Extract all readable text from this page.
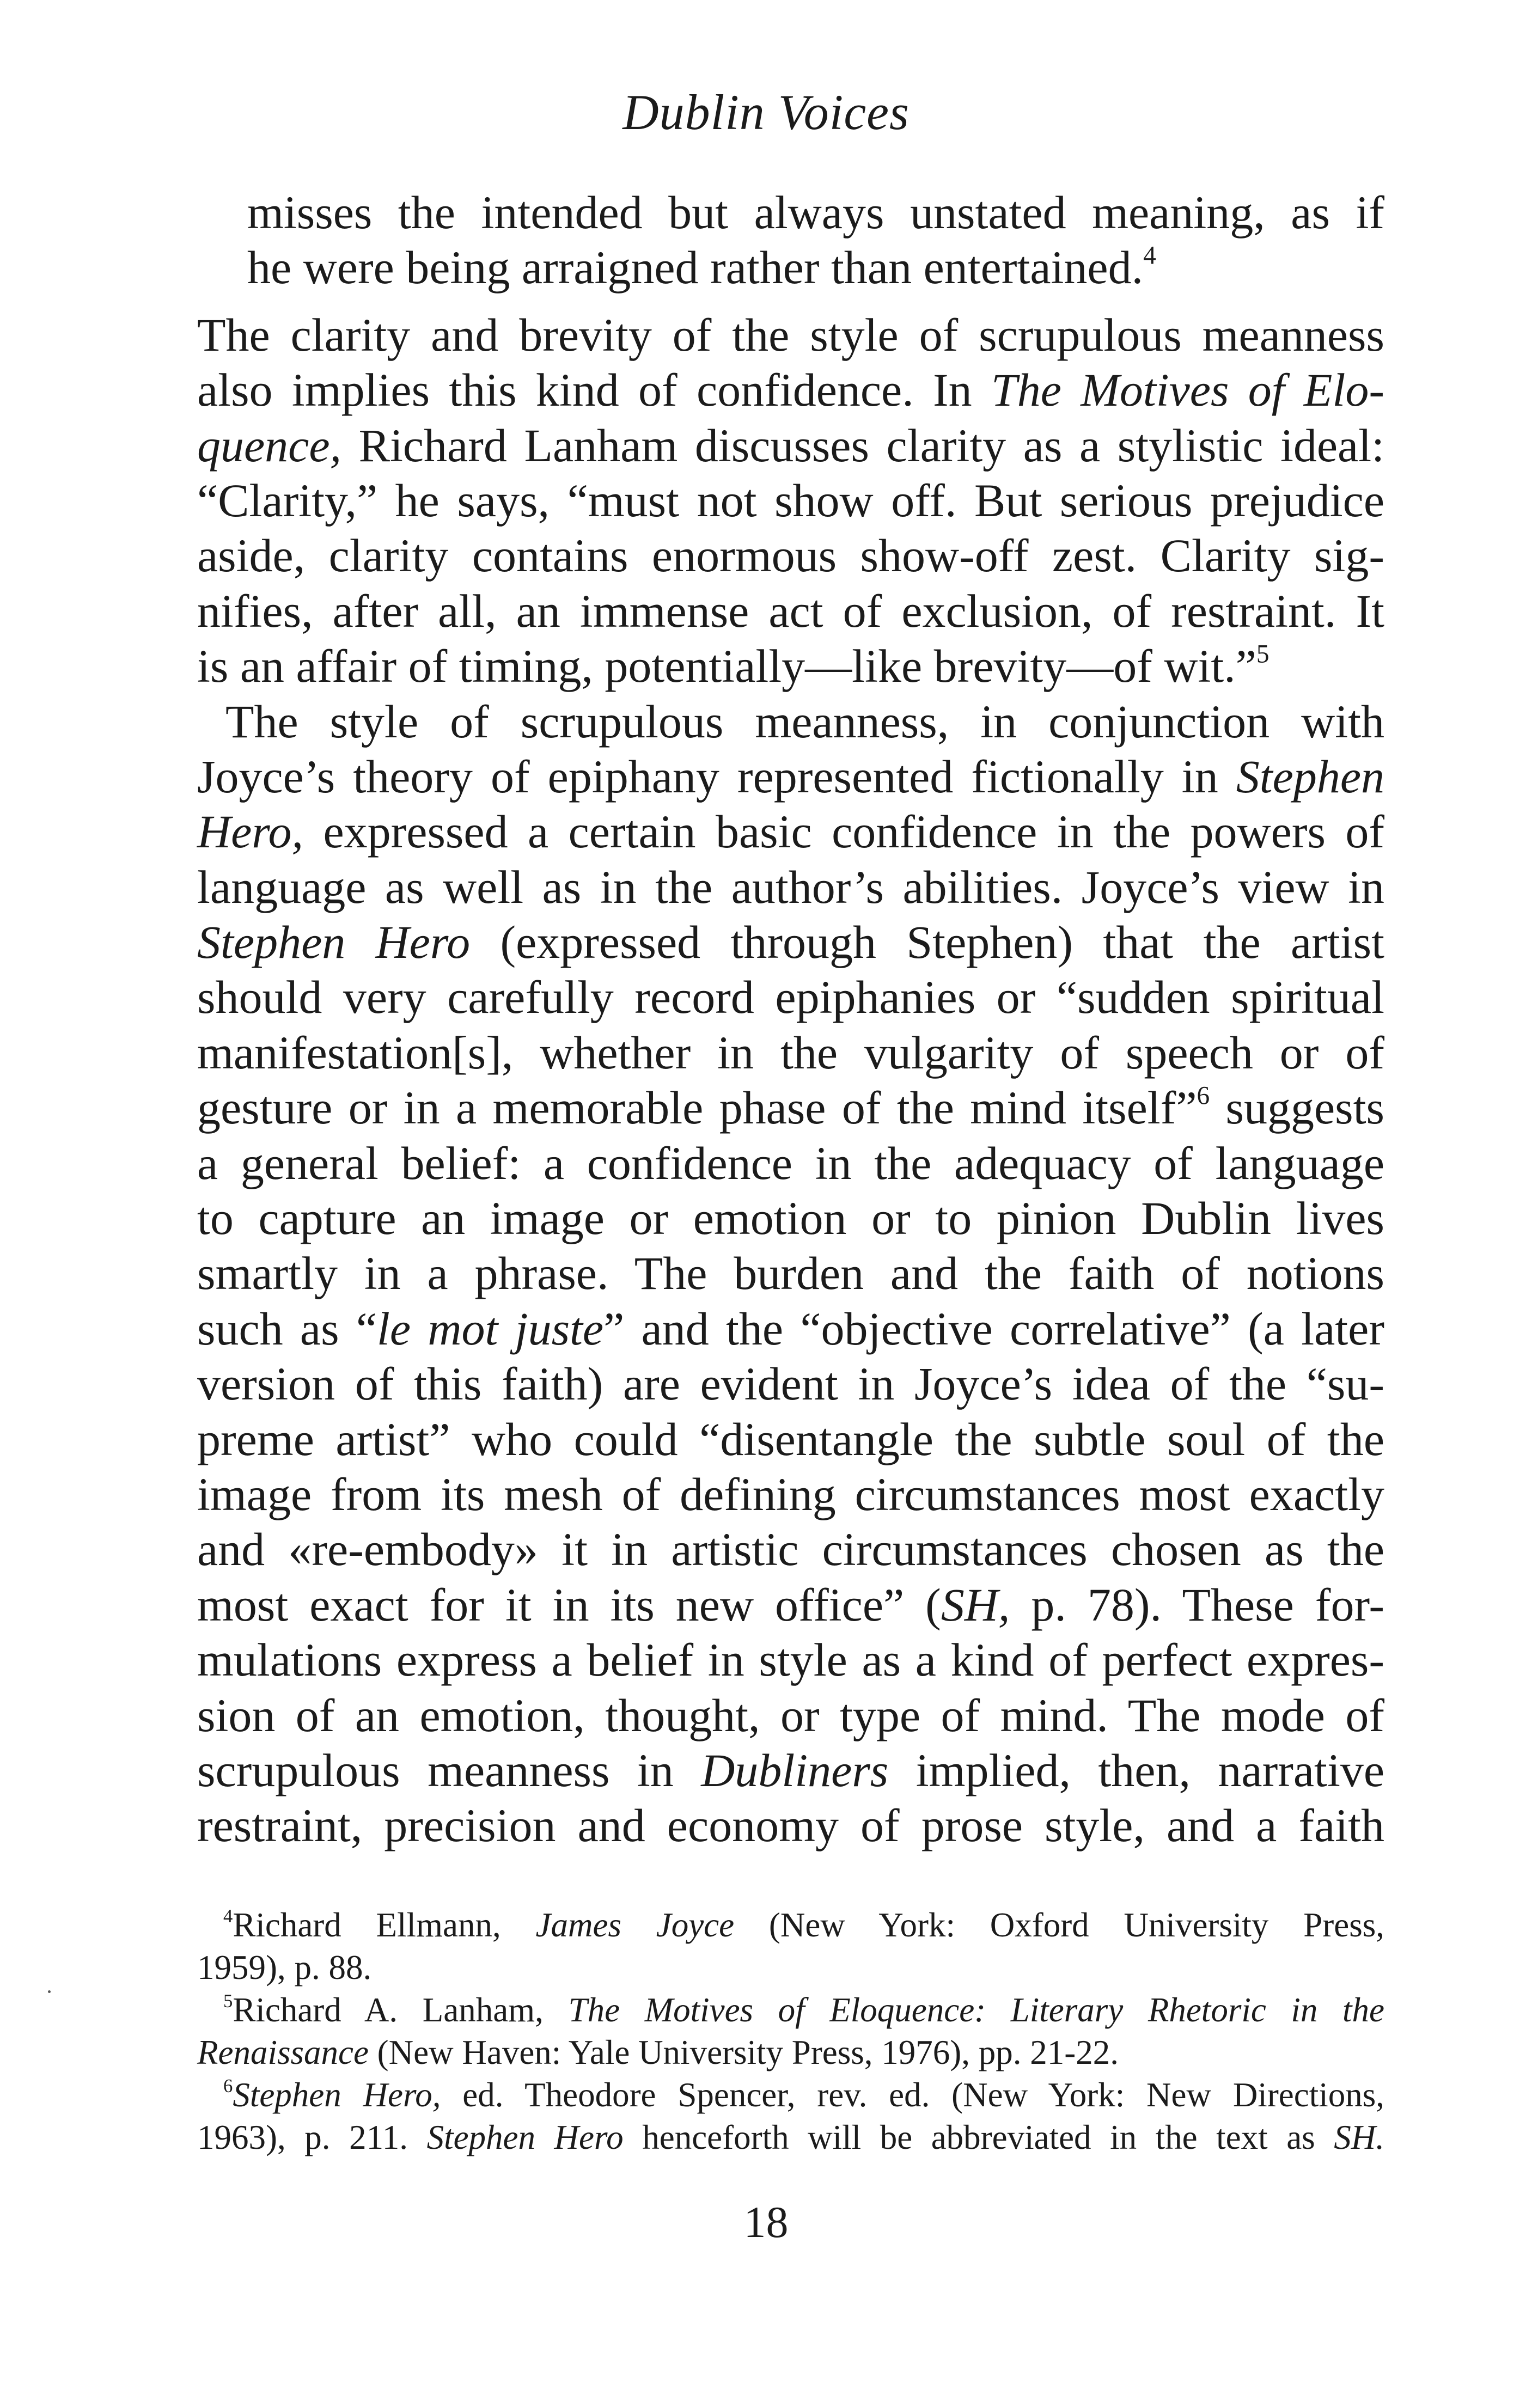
Dublin Voices
misses the intended but always unstated meaning, as if
he were being arraigned rather than entertained.$^4$
The clarity and brevity of the style of scrupulous meanness
also implies this kind of confidence. In The Motives of Elo-
quence, Richard Lanham discusses clarity as a stylistic ideal:
“Clarity,” he says, “must not show off. But serious prejudice
aside, clarity contains enormous show-off zest. Clarity sig-
nifies, after all, an immense act of exclusion, of restraint. It
is an affair of timing, potentially—like brevity—of wit.”$^5$
The style of scrupulous meanness, in conjunction with
Joyce’s theory of epiphany represented fictionally in Stephen
Hero, expressed a certain basic confidence in the powers of
language as well as in the author’s abilities. Joyce’s view in
Stephen Hero (expressed through Stephen) that the artist
should very carefully record epiphanies or “sudden spiritual
manifestation[s], whether in the vulgarity of speech or of
gesture or in a memorable phase of the mind itself”$^6$ suggests
a general belief: a confidence in the adequacy of language
to capture an image or emotion or to pinion Dublin lives
smartly in a phrase. The burden and the faith of notions
such as “le mot juste” and the “objective correlative” (a later
version of this faith) are evident in Joyce’s idea of the “su-
preme artist” who could “disentangle the subtle soul of the
image from its mesh of defining circumstances most exactly
and «re-embody» it in artistic circumstances chosen as the
most exact for it in its new office” (SH, p. 78). These for-
mulations express a belief in style as a kind of perfect expres-
sion of an emotion, thought, or type of mind. The mode of
scrupulous meanness in Dubliners implied, then, narrative
restraint, precision and economy of prose style, and a faith
$^4$Richard Ellmann, James Joyce (New York: Oxford University Press,
1959), p. 88.
$^5$Richard A. Lanham, The Motives of Eloquence: Literary Rhetoric in the
Renaissance (New Haven: Yale University Press, 1976), pp. 21-22.
$^6$Stephen Hero, ed. Theodore Spencer, rev. ed. (New York: New Directions,
1963), p. 211. Stephen Hero henceforth will be abbreviated in the text as SH.
18
